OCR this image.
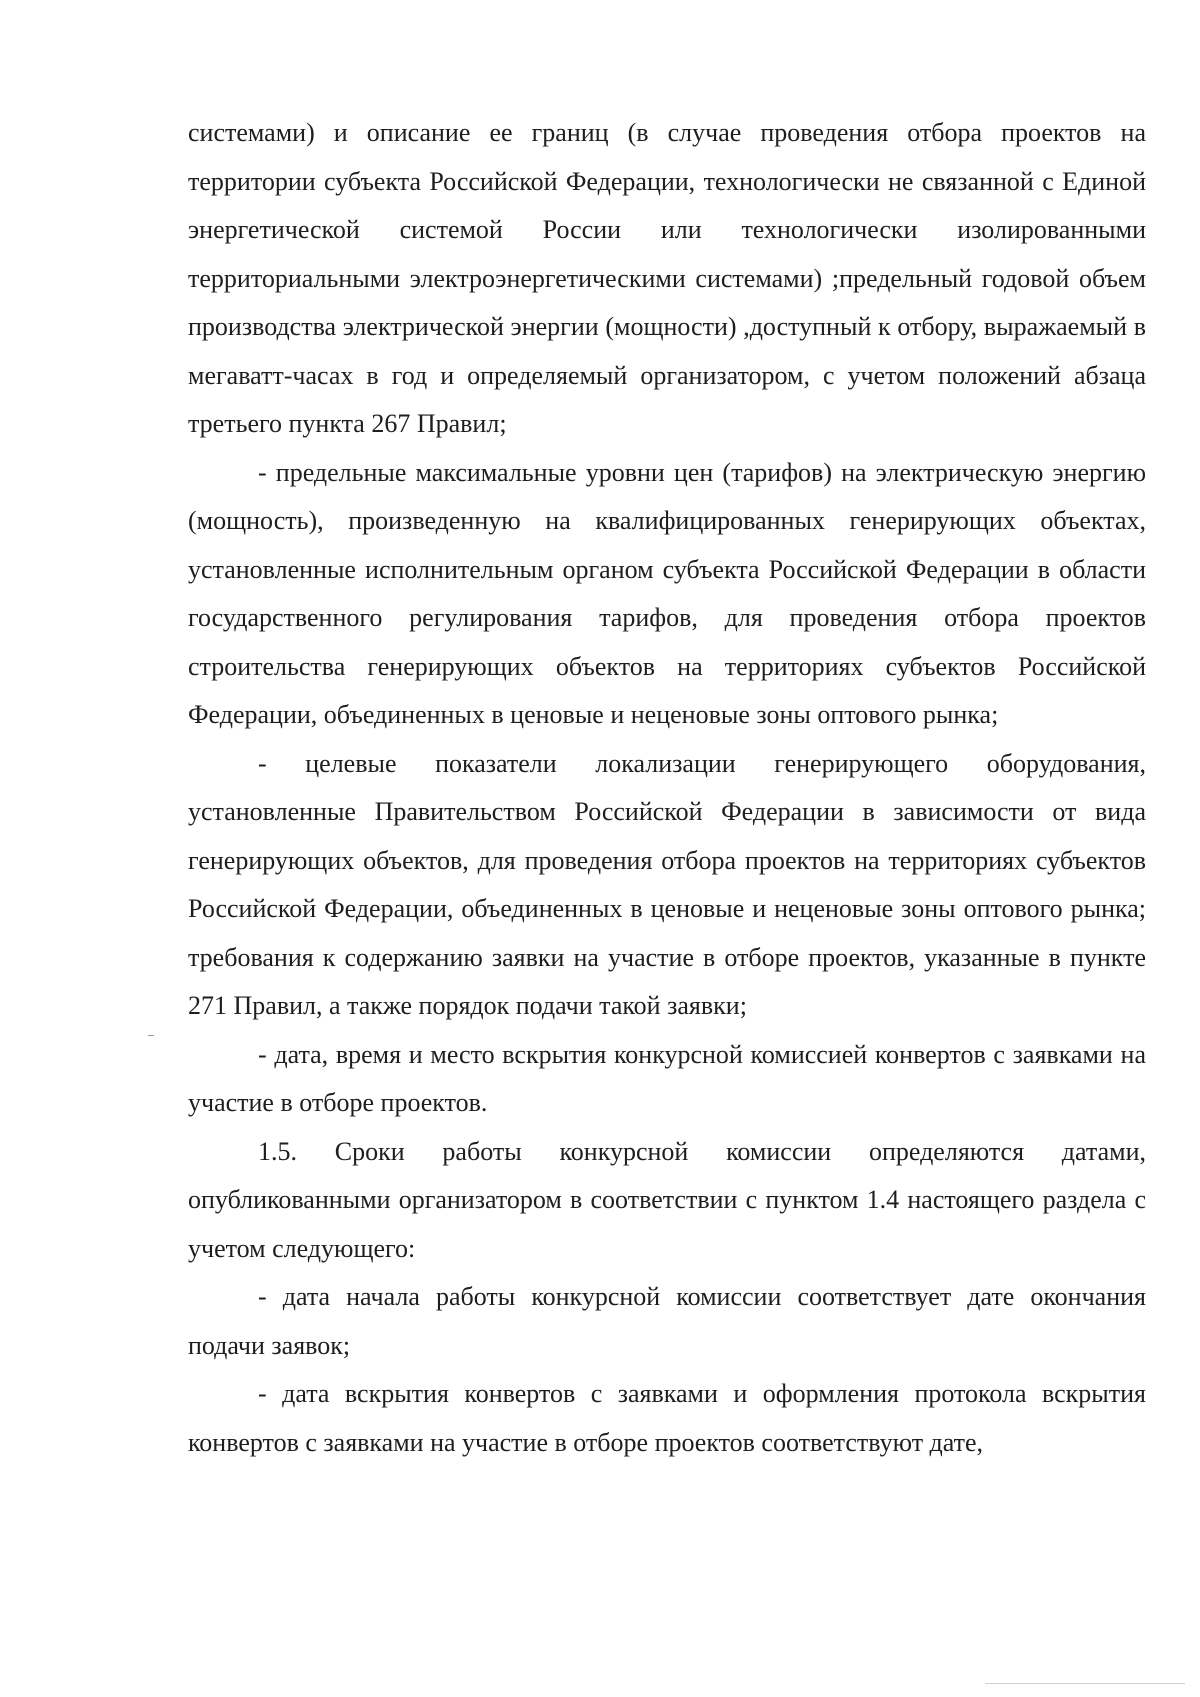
системами) и описание ее границ (в случае проведения отбора проектов на территории субъекта Российской Федерации, технологически не связанной с Единой энергетической системой России или технологически изолированными территориальными электроэнергетическими системами) ;предельный годовой объем производства электрической энергии (мощности) ,доступный к отбору, выражаемый в мегаватт-часах в год и определяемый организатором, с учетом положений абзаца третьего пункта 267 Правил;

- предельные максимальные уровни цен (тарифов) на электрическую энергию (мощность), произведенную на квалифицированных генерирующих объектах, установленные исполнительным органом субъекта Российской Федерации в области государственного регулирования тарифов, для проведения отбора проектов строительства генерирующих объектов на территориях субъектов Российской Федерации, объединенных в ценовые и неценовые зоны оптового рынка;

- целевые показатели локализации генерирующего оборудования, установленные Правительством Российской Федерации в зависимости от вида генерирующих объектов, для проведения отбора проектов на территориях субъектов Российской Федерации, объединенных в ценовые и неценовые зоны оптового рынка; требования к содержанию заявки на участие в отборе проектов, указанные в пункте 271 Правил, а также порядок подачи такой заявки;

- дата, время и место вскрытия конкурсной комиссией конвертов с заявками на участие в отборе проектов.

1.5. Сроки работы конкурсной комиссии определяются датами, опубликованными организатором в соответствии с пунктом 1.4 настоящего раздела с учетом следующего:

- дата начала работы конкурсной комиссии соответствует дате окончания подачи заявок;

- дата вскрытия конвертов с заявками и оформления протокола вскрытия конвертов с заявками на участие в отборе проектов соответствуют дате,
